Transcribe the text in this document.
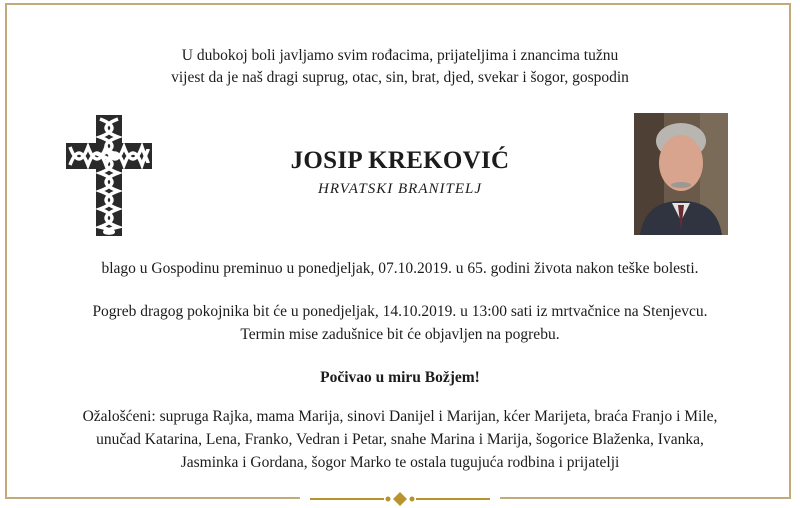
U dubokoj boli javljamo svim rođacima, prijateljima i znancima tužnu
vijest da je naš dragi suprug, otac, sin, brat, djed, svekar i šogor, gospodin
JOSIP KREKOVIĆ
HRVATSKI BRANITELJ
blago u Gospodinu preminuo u ponedjeljak, 07.10.2019. u 65. godini života nakon teške bolesti.
Pogreb dragog pokojnika bit će u ponedjeljak, 14.10.2019. u 13:00 sati iz mrtvačnice na Stenjevcu.
Termin mise zadušnice bit će objavljen na pogrebu.
Počivao u miru Božjem!
Ožalošćeni: supruga Rajka, mama Marija, sinovi Danijel i Marijan, kćer Marijeta, braća Franjo i Mile,
unučad Katarina, Lena, Franko, Vedran i Petar, snahe Marina i Marija, šogorice Blaženka, Ivanka,
Jasminka i Gordana, šogor Marko te ostala tugujuća rodbina i prijatelji
